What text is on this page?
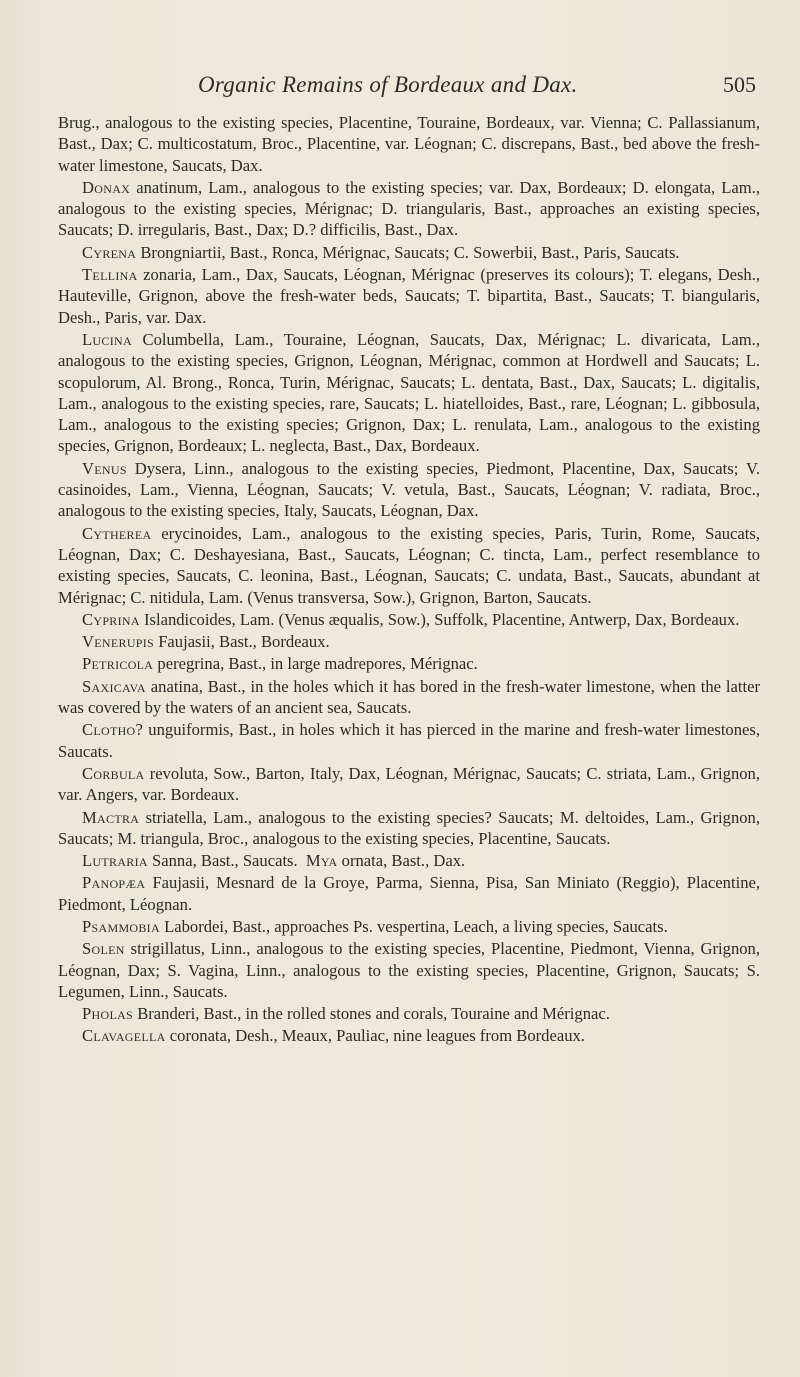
Organic Remains of Bordeaux and Dax.	505

Brug., analogous to the existing species, Placentine, Touraine, Bordeaux, var. Vienna; C. Pallassianum, Bast., Dax; C. multicostatum, Broc., Placentine, var. Léognan; C. discrepans, Bast., bed above the fresh-water limestone, Saucats, Dax.

Donax anatinum, Lam., analogous to the existing species; var. Dax, Bordeaux; D. elongata, Lam., analogous to the existing species, Mérignac; D. triangularis, Bast., approaches an existing species, Saucats; D. irregularis, Bast., Dax; D.? difficilis, Bast., Dax.

Cyrena Brongniartii, Bast., Ronca, Mérignac, Saucats; C. Sowerbii, Bast., Paris, Saucats.

Tellina zonaria, Lam., Dax, Saucats, Léognan, Mérignac (preserves its colours); T. elegans, Desh., Hauteville, Grignon, above the fresh-water beds, Saucats; T. bipartita, Bast., Saucats; T. biangularis, Desh., Paris, var. Dax.

Lucina Columbella, Lam., Touraine, Léognan, Saucats, Dax, Mérignac; L. divaricata, Lam., analogous to the existing species, Grignon, Léognan, Mérignac, common at Hordwell and Saucats; L. scopulorum, Al. Brong., Ronca, Turin, Mérignac, Saucats; L. dentata, Bast., Dax, Saucats; L. digitalis, Lam., analogous to the existing species, rare, Saucats; L. hiatelloides, Bast., rare, Léognan; L. gibbosula, Lam., analogous to the existing species; Grignon, Dax; L. renulata, Lam., analogous to the existing species, Grignon, Bordeaux; L. neglecta, Bast., Dax, Bordeaux.

Venus Dysera, Linn., analogous to the existing species, Piedmont, Placentine, Dax, Saucats; V. casinoides, Lam., Vienna, Léognan, Saucats; V. vetula, Bast., Saucats, Léognan; V. radiata, Broc., analogous to the existing species, Italy, Saucats, Léognan, Dax.

Cytherea erycinoides, Lam., analogous to the existing species, Paris, Turin, Rome, Saucats, Léognan, Dax; C. Deshayesiana, Bast., Saucats, Léognan; C. tincta, Lam., perfect resemblance to existing species, Saucats, C. leonina, Bast., Léognan, Saucats; C. undata, Bast., Saucats, abundant at Mérignac; C. nitidula, Lam. (Venus transversa, Sow.), Grignon, Barton, Saucats.

Cyprina Islandicoides, Lam. (Venus æqualis, Sow.), Suffolk, Placentine, Antwerp, Dax, Bordeaux.

Venerupis Faujasii, Bast., Bordeaux.

Petricola peregrina, Bast., in large madrepores, Mérignac.

Saxicava anatina, Bast., in the holes which it has bored in the fresh-water limestone, when the latter was covered by the waters of an ancient sea, Saucats.

Clotho? unguiformis, Bast., in holes which it has pierced in the marine and fresh-water limestones, Saucats.

Corbula revoluta, Sow., Barton, Italy, Dax, Léognan, Mérignac, Saucats; C. striata, Lam., Grignon, var. Angers, var. Bordeaux.

Mactra striatella, Lam., analogous to the existing species? Saucats; M. deltoides, Lam., Grignon, Saucats; M. triangula, Broc., analogous to the existing species, Placentine, Saucats.

Lutraria Sanna, Bast., Saucats. Mya ornata, Bast., Dax.

Panopæa Faujasii, Mesnard de la Groye, Parma, Sienna, Pisa, San Miniato (Reggio), Placentine, Piedmont, Léognan.

Psammobia Labordei, Bast., approaches Ps. vespertina, Leach, a living species, Saucats.

Solen strigillatus, Linn., analogous to the existing species, Placentine, Piedmont, Vienna, Grignon, Léognan, Dax; S. Vagina, Linn., analogous to the existing species, Placentine, Grignon, Saucats; S. Legumen, Linn., Saucats.

Pholas Branderi, Bast., in the rolled stones and corals, Touraine and Mérignac.

Clavagella coronata, Desh., Meaux, Pauliac, nine leagues from Bordeaux.
